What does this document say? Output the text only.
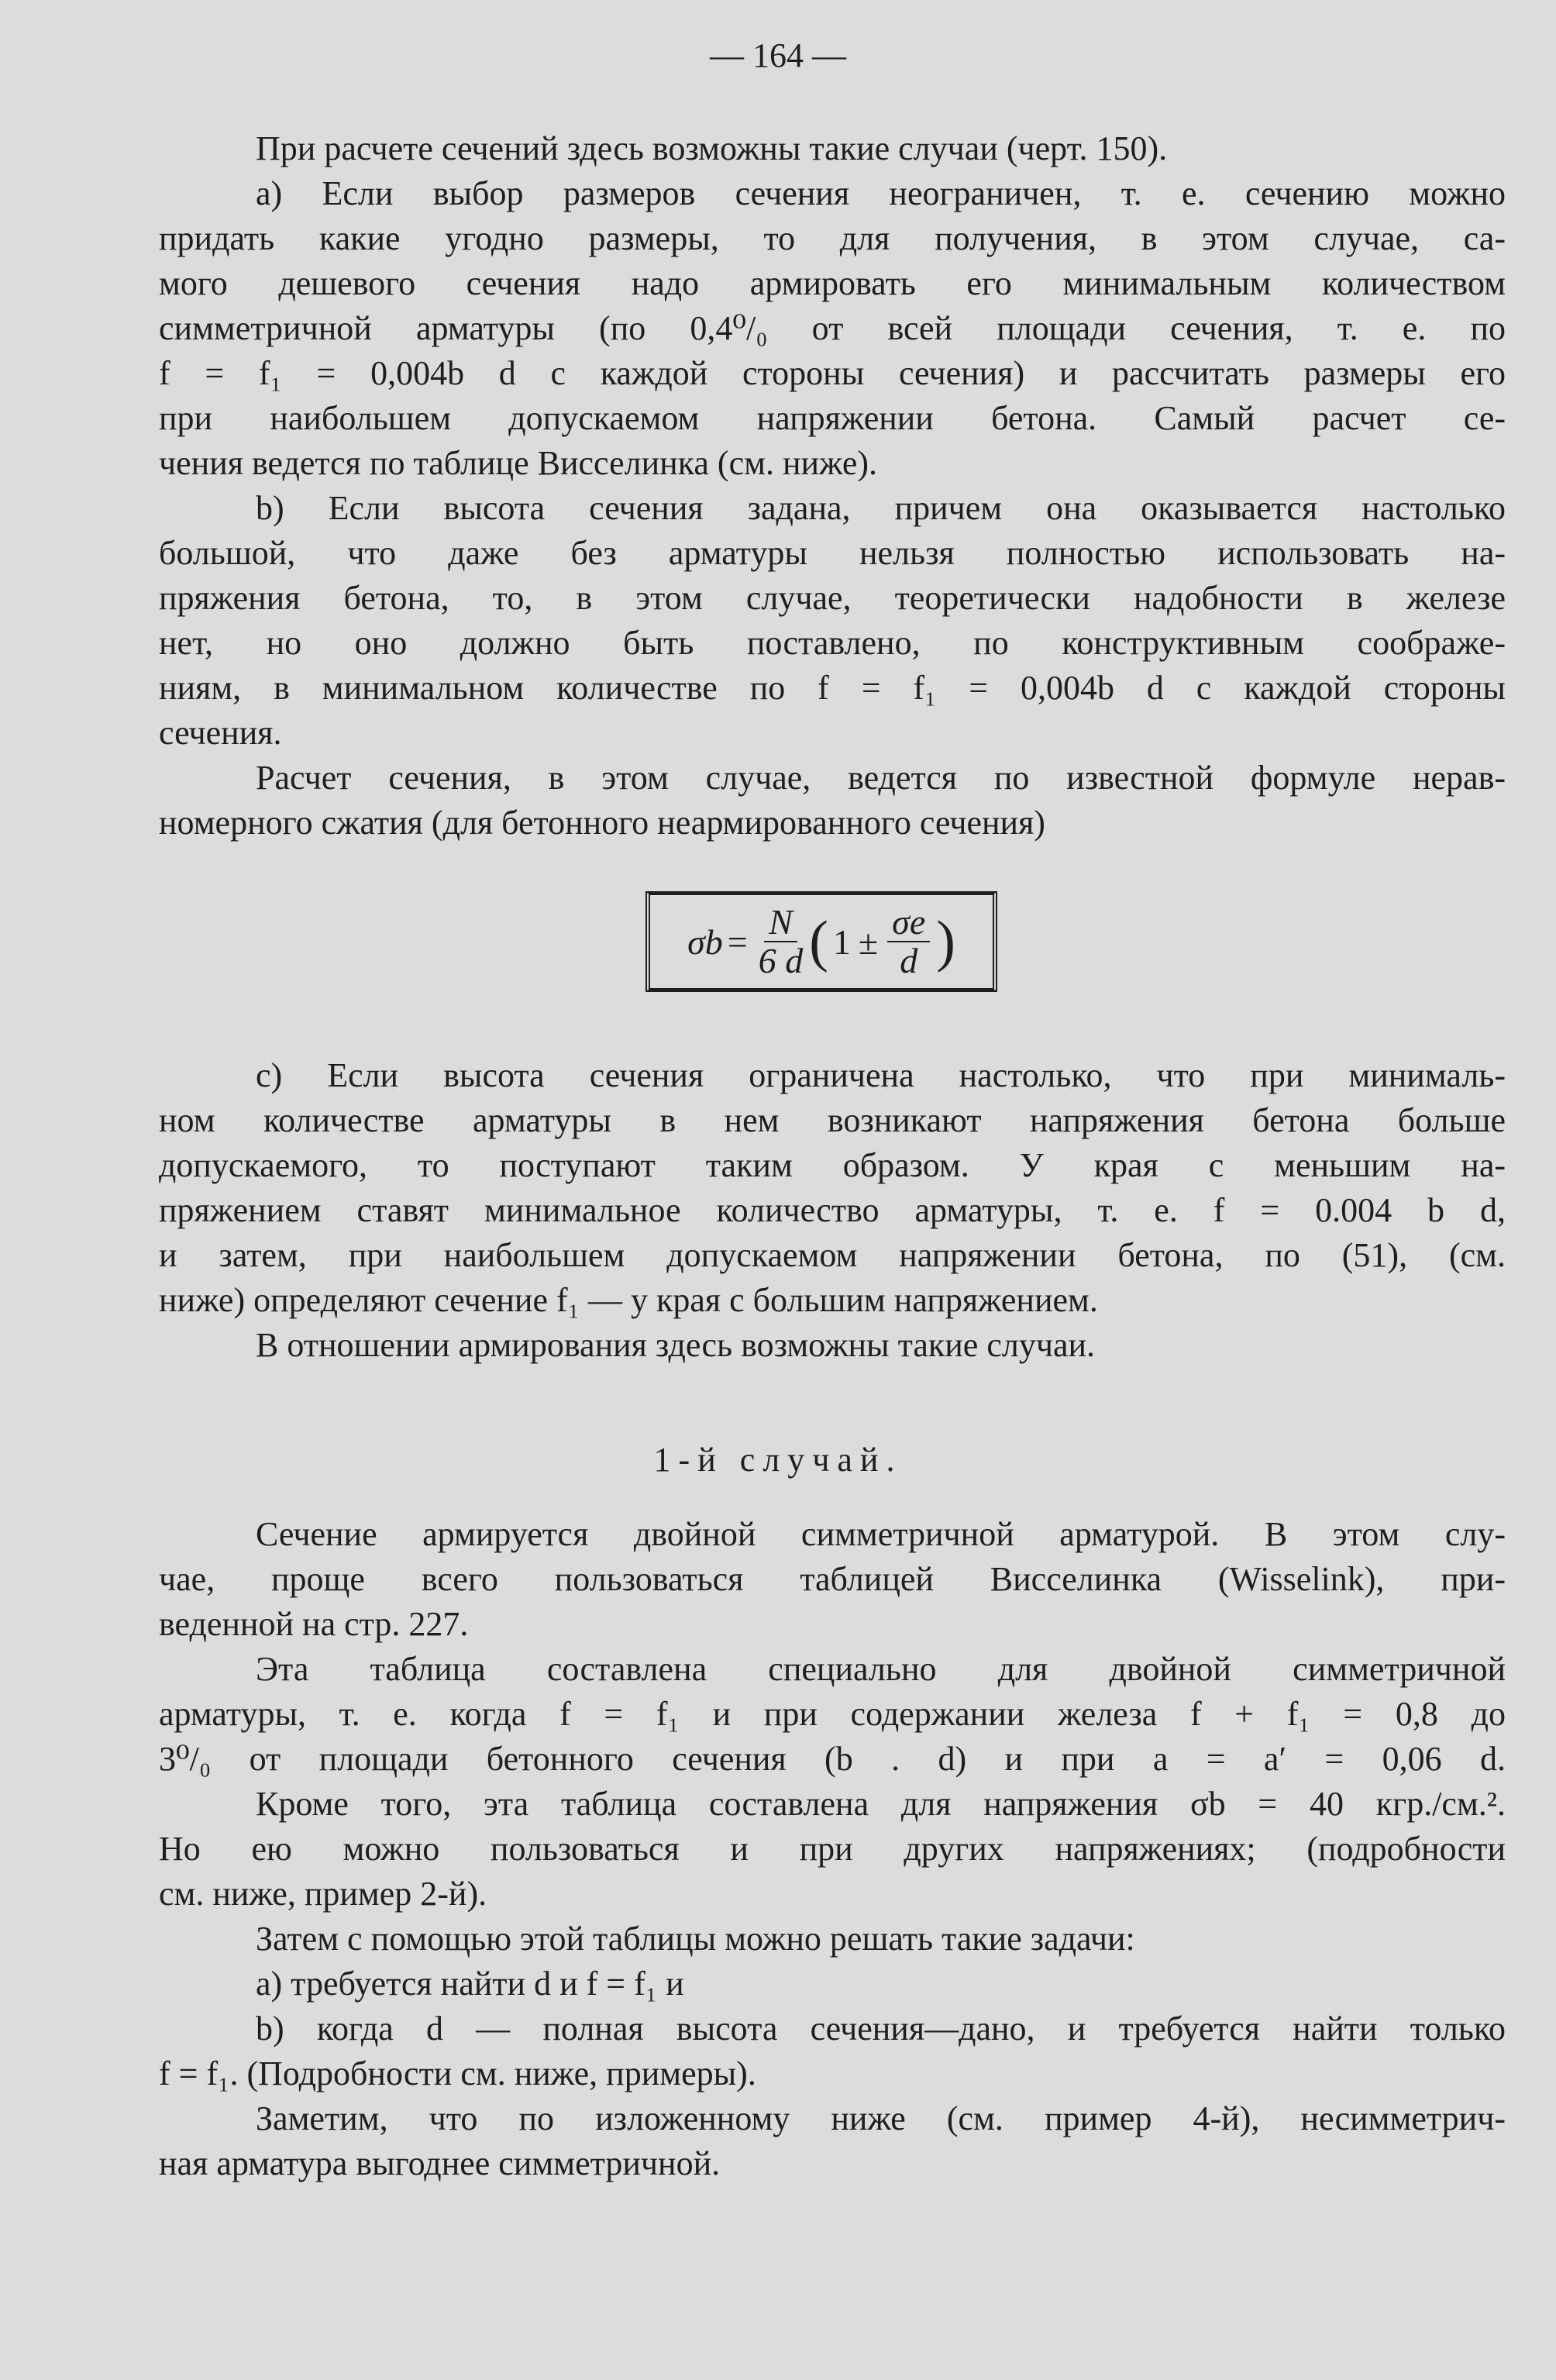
— 164 —
При расчете сечений здесь возможны такие случаи (черт. 150).
а) Если выбор размеров сечения неограничен, т. е. сечению можно
придать какие угодно размеры, то для получения, в этом случае, са-
мого дешевого сечения надо армировать его минимальным количеством
симметричной арматуры (по 0,4⁰/₀ от всей площади сечения, т. е. по
f = f₁ = 0,004b d с каждой стороны сечения) и рассчитать размеры его
при наибольшем допускаемом напряжении бетона. Самый расчет се-
чения ведется по таблице Висселинка (см. ниже).
b) Если высота сечения задана, причем она оказывается настолько
большой, что даже без арматуры нельзя полностью использовать на-
пряжения бетона, то, в этом случае, теоретически надобности в железе
нет, но оно должно быть поставлено, по конструктивным соображе-
ниям, в минимальном количестве по f = f₁ = 0,004b d с каждой стороны
сечения.
Расчет сечения, в этом случае, ведется по известной формуле нерав-
номерного сжатия (для бетонного неармированного сечения)
$\sigma b = \frac{N}{6 d}$ ( $1 \pm \frac{\sigma e}{d}$ )
c) Если высота сечения ограничена настолько, что при минималь-
ном количестве арматуры в нем возникают напряжения бетона больше
допускаемого, то поступают таким образом. У края с меньшим на-
пряжением ставят минимальное количество арматуры, т. е. f = 0.004 b d,
и затем, при наибольшем допускаемом напряжении бетона, по (51), (см.
ниже) определяют сечение f₁ — у края с большим напряжением.
В отношении армирования здесь возможны такие случаи.
1-й случай.
Сечение армируется двойной симметричной арматурой. В этом слу-
чае, проще всего пользоваться таблицей Висселинка (Wisselink), при-
веденной на стр. 227.
Эта таблица составлена специально для двойной симметричной
арматуры, т. е. когда f = f₁ и при содержании железа f + f₁ = 0,8 до
3⁰/₀ от площади бетонного сечения (b . d) и при a = a′ = 0,06 d.
Кроме того, эта таблица составлена для напряжения σb = 40 кгр./см.².
Но ею можно пользоваться и при других напряжениях; (подробности
см. ниже, пример 2-й).
Затем с помощью этой таблицы можно решать такие задачи:
а) требуется найти d и f = f₁ и
b) когда d — полная высота сечения—дано, и требуется найти только
f = f₁. (Подробности см. ниже, примеры).
Заметим, что по изложенному ниже (см. пример 4-й), несимметрич-
ная арматура выгоднее симметричной.
